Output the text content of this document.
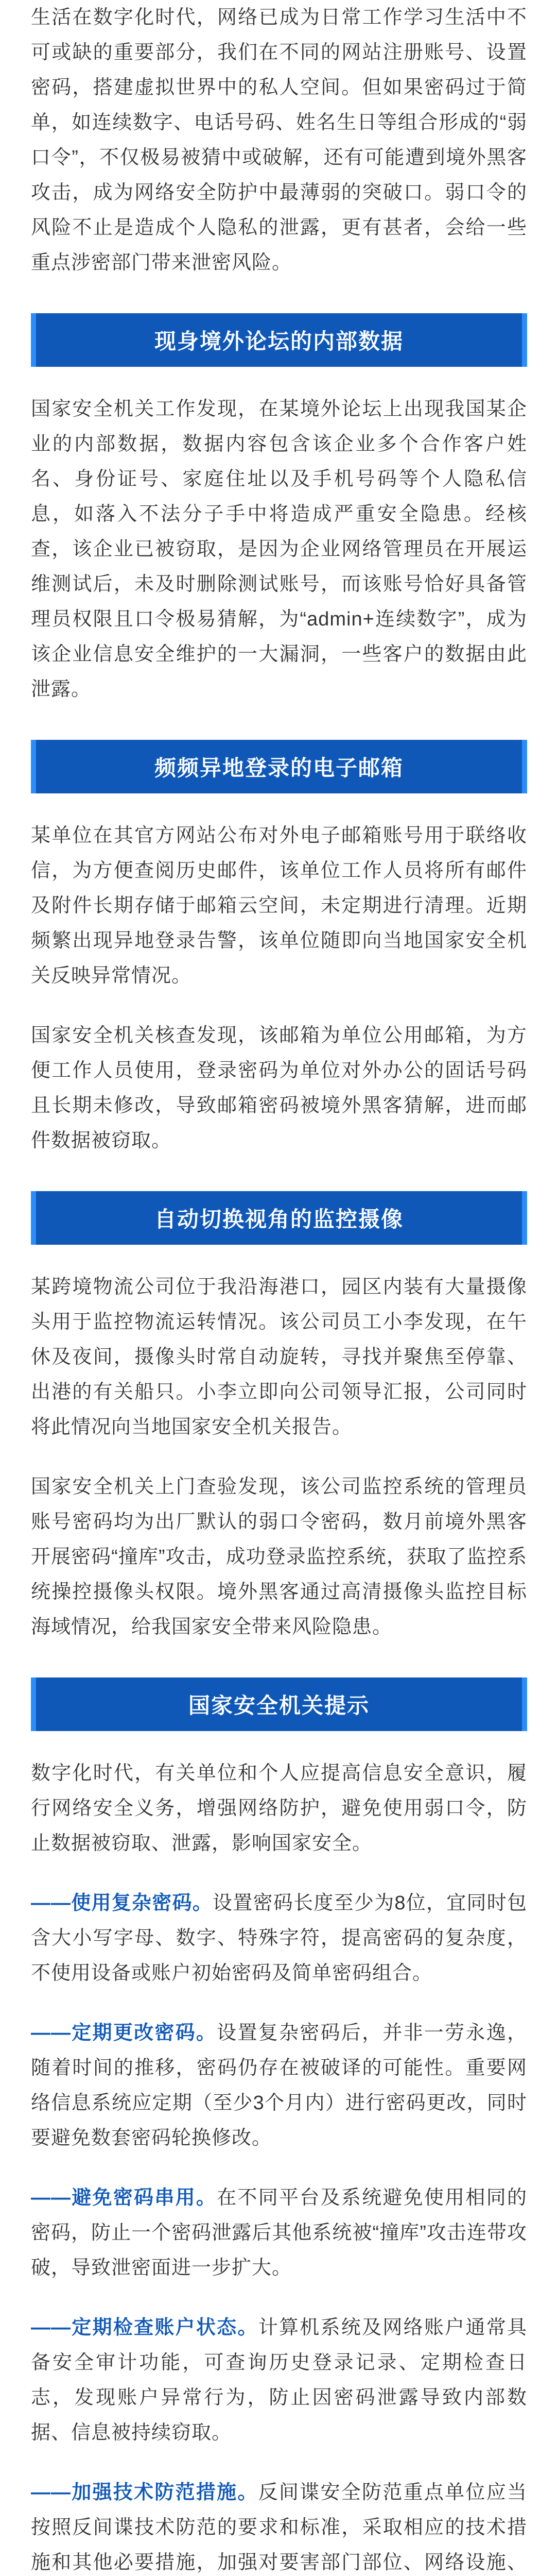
生活在数字化时代，网络已成为日常工作学习生活中不可或缺的重要部分，我们在不同的网站注册账号、设置密码，搭建虚拟世界中的私人空间。但如果密码过于简单，如连续数字、电话号码、姓名生日等组合形成的“弱口令”，不仅极易被猜中或破解，还有可能遭到境外黑客攻击，成为网络安全防护中最薄弱的突破口。弱口令的风险不止是造成个人隐私的泄露，更有甚者，会给一些重点涉密部门带来泄密风险。

现身境外论坛的内部数据

国家安全机关工作发现，在某境外论坛上出现我国某企业的内部数据，数据内容包含该企业多个合作客户姓名、身份证号、家庭住址以及手机号码等个人隐私信息，如落入不法分子手中将造成严重安全隐患。经核查，该企业已被窃取，是因为企业网络管理员在开展运维测试后，未及时删除测试账号，而该账号恰好具备管理员权限且口令极易猜解，为“admin+连续数字”，成为该企业信息安全维护的一大漏洞，一些客户的数据由此泄露。

频频异地登录的电子邮箱

某单位在其官方网站公布对外电子邮箱账号用于联络收信，为方便查阅历史邮件，该单位工作人员将所有邮件及附件长期存储于邮箱云空间，未定期进行清理。近期频繁出现异地登录告警，该单位随即向当地国家安全机关反映异常情况。

国家安全机关核查发现，该邮箱为单位公用邮箱，为方便工作人员使用，登录密码为单位对外办公的固话号码且长期未修改，导致邮箱密码被境外黑客猜解，进而邮件数据被窃取。

自动切换视角的监控摄像

某跨境物流公司位于我沿海港口，园区内装有大量摄像头用于监控物流运转情况。该公司员工小李发现，在午休及夜间，摄像头时常自动旋转，寻找并聚焦至停靠、出港的有关船只。小李立即向公司领导汇报，公司同时将此情况向当地国家安全机关报告。

国家安全机关上门查验发现，该公司监控系统的管理员账号密码均为出厂默认的弱口令密码，数月前境外黑客开展密码“撞库”攻击，成功登录监控系统，获取了监控系统操控摄像头权限。境外黑客通过高清摄像头监控目标海域情况，给我国家安全带来风险隐患。

国家安全机关提示

数字化时代，有关单位和个人应提高信息安全意识，履行网络安全义务，增强网络防护，避免使用弱口令，防止数据被窃取、泄露，影响国家安全。

——使用复杂密码。设置密码长度至少为8位，宜同时包含大小写字母、数字、特殊字符，提高密码的复杂度，不使用设备或账户初始密码及简单密码组合。

——定期更改密码。设置复杂密码后，并非一劳永逸，随着时间的推移，密码仍存在被破译的可能性。重要网络信息系统应定期（至少3个月内）进行密码更改，同时要避免数套密码轮换修改。

——避免密码串用。在不同平台及系统避免使用相同的密码，防止一个密码泄露后其他系统被“撞库”攻击连带攻破，导致泄密面进一步扩大。

——定期检查账户状态。计算机系统及网络账户通常具备安全审计功能，可查询历史登录记录、定期检查日志，发现账户异常行为，防止因密码泄露导致内部数据、信息被持续窃取。

——加强技术防范措施。反间谍安全防范重点单位应当按照反间谍技术防范的要求和标准，采取相应的技术措施和其他必要措施，加强对要害部门部位、网络设施、
